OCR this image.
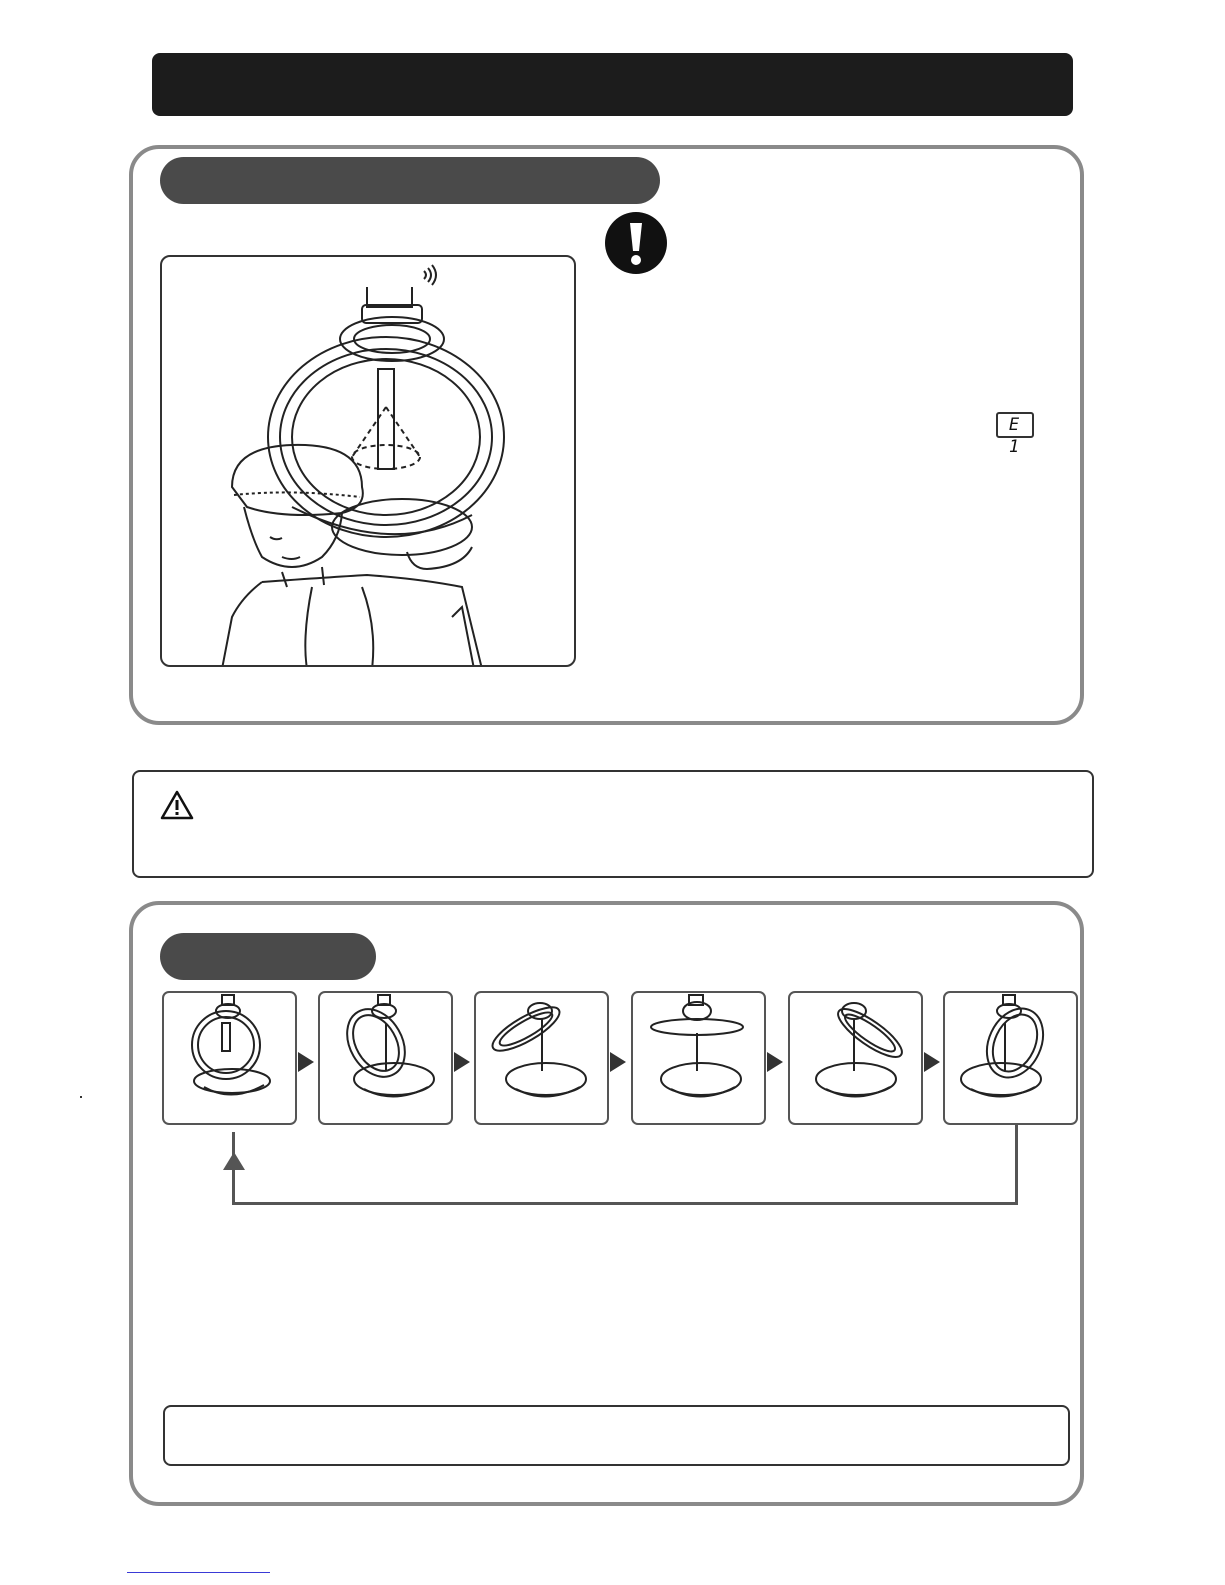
E 1
